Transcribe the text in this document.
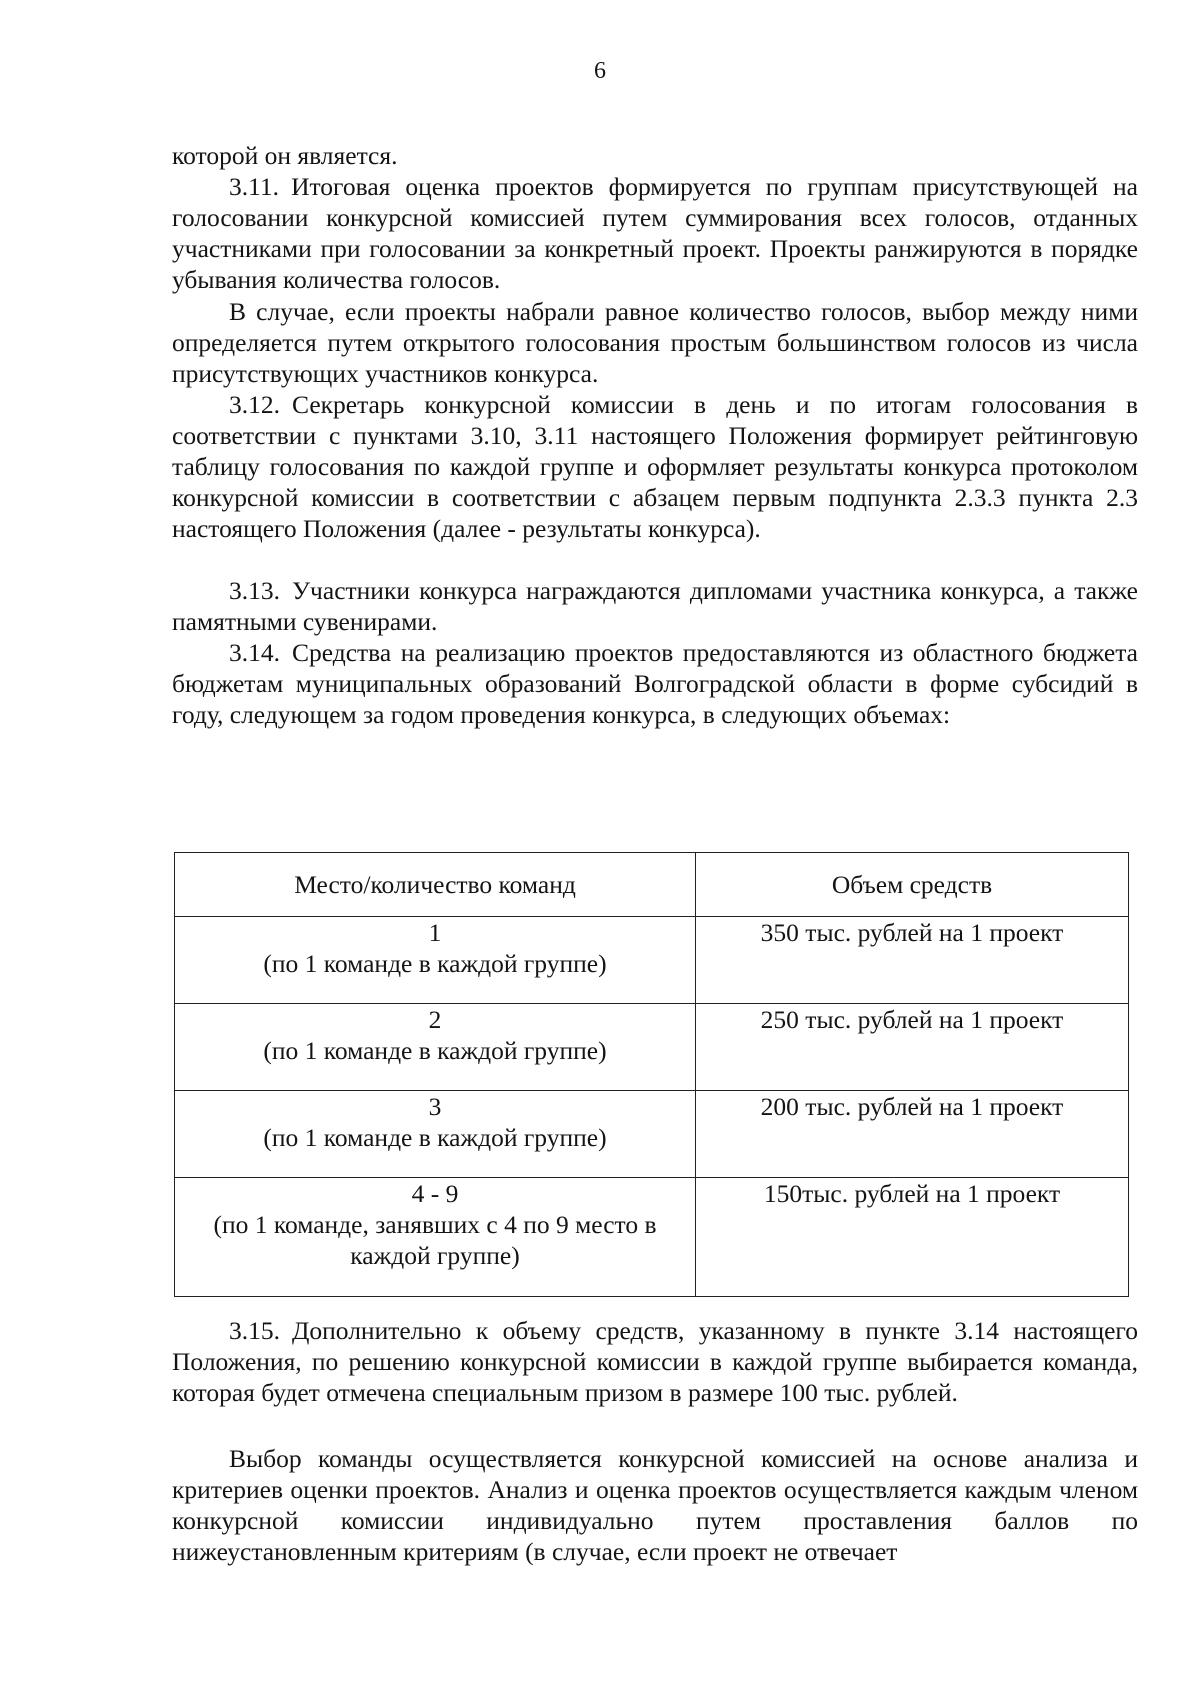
6

которой он является.

3.11. Итоговая оценка проектов формируется по группам присутствующей на голосовании конкурсной комиссией путем суммирования всех голосов, отданных участниками при голосовании за конкретный проект. Проекты ранжируются в порядке убывания количества голосов.

В случае, если проекты набрали равное количество голосов, выбор между ними определяется путем открытого голосования простым большинством голосов из числа присутствующих участников конкурса.

3.12. Секретарь конкурсной комиссии в день и по итогам голосования в соответствии с пунктами 3.10, 3.11 настоящего Положения формирует рейтинговую таблицу голосования по каждой группе и оформляет результаты конкурса протоколом конкурсной комиссии в соответствии с абзацем первым подпункта 2.3.3 пункта 2.3 настоящего Положения (далее - результаты конкурса).

3.13. Участники конкурса награждаются дипломами участника конкурса, а также памятными сувенирами.

3.14. Средства на реализацию проектов предоставляются из областного бюджета бюджетам муниципальных образований Волгоградской области в форме субсидий в году, следующем за годом проведения конкурса, в следующих объемах:

Место/количество команд	Объем средств

1
(по 1 команде в каждой группе)	350 тыс. рублей на 1 проект

2
(по 1 команде в каждой группе)	250 тыс. рублей на 1 проект

3
(по 1 команде в каждой группе)	200 тыс. рублей на 1 проект

4 - 9
(по 1 команде, занявших с 4 по 9 место в каждой группе)	150тыс. рублей на 1 проект

3.15. Дополнительно к объему средств, указанному в пункте 3.14 настоящего Положения, по решению конкурсной комиссии в каждой группе выбирается команда, которая будет отмечена специальным призом в размере 100 тыс. рублей.

Выбор команды осуществляется конкурсной комиссией на основе анализа и критериев оценки проектов. Анализ и оценка проектов осуществляется каждым членом конкурсной комиссии индивидуально путем проставления баллов по нижеустановленным критериям (в случае, если проект не отвечает
